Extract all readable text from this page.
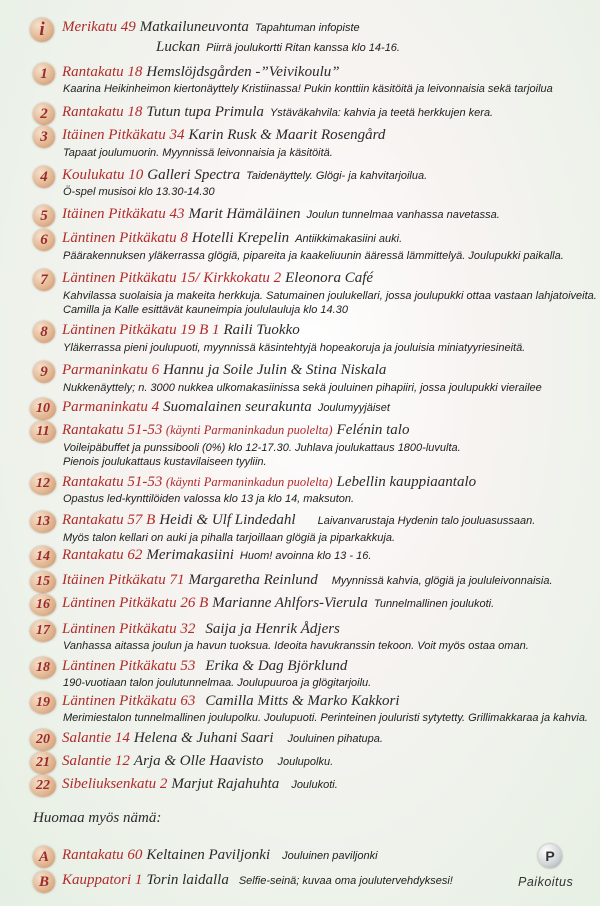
i	Merikatu 49 Matkailuneuvonta Tapahtuman infopiste
Luckan Piirrä joulukortti Ritan kanssa klo 14-16.
1 Rantakatu 18 Hemslöjdsgården -”Veivikoulu”
Kaarina Heikinheimon kiertonäyttely Kristiinassa! Pukin konttiin käsitöitä ja leivonnaisia sekä tarjoilua
2 Rantakatu 18 Tutun tupa Primula Ystäväkahvila: kahvia ja teetä herkkujen kera.
3 Itäinen Pitkäkatu 34 Karin Rusk & Maarit Rosengård
Tapaat joulumuorin. Myynnissä leivonnaisia ja käsitöitä.
4 Koulukatu 10 Galleri Spectra Taidenäyttely. Glögi- ja kahvitarjoilua.
Ö-spel musisoi klo 13.30-14.30
5 Itäinen Pitkäkatu 43 Marit Hämäläinen Joulun tunnelmaa vanhassa navetassa.
6 Läntinen Pitkäkatu 8 Hotelli Krepelin Antiikkimakasiini auki.
Päärakennuksen yläkerrassa glögiä, pipareita ja kaakeliuunin ääressä lämmittelyä. Joulupukki paikalla.
7 Läntinen Pitkäkatu 15/ Kirkkokatu 2 Eleonora Café
Kahvilassa suolaisia ja makeita herkkuja. Satumainen joulukellari, jossa joulupukki ottaa vastaan lahjatoiveita.
Camilla ja Kalle esittävät kauneimpia joululauluja klo 14.30
8 Läntinen Pitkäkatu 19 B 1 Raili Tuokko
Yläkerrassa pieni joulupuoti, myynnissä käsintehtyjä hopeakoruja ja jouluisia miniatyyriesineitä.
9 Parmaninkatu 6 Hannu ja Soile Julin & Stina Niskala
Nukkenäyttely; n. 3000 nukkea ulkomakasiinissa sekä jouluinen pihapiiri, jossa joulupukki vierailee
10 Parmaninkatu 4 Suomalainen seurakunta Joulumyyjäiset
11 Rantakatu 51-53 (käynti Parmaninkadun puolelta) Felénin talo
Voileipäbuffet ja punssibooli (0%) klo 12-17.30. Juhlava joulukattaus 1800-luvulta.
Pienois joulukattaus kustavilaiseen tyyliin.
12 Rantakatu 51-53 (käynti Parmaninkadun puolelta) Lebellin kauppiaantalo
Opastus led-kynttilöiden valossa klo 13 ja klo 14, maksuton.
13 Rantakatu 57 B Heidi & Ulf Lindedahl Laivanvarustaja Hydenin talo jouluasussaan.
Myös talon kellari on auki ja pihalla tarjoillaan glögiä ja piparkakkuja.
14 Rantakatu 62 Merimakasiini Huom! avoinna klo 13 - 16.
15 Itäinen Pitkäkatu 71 Margaretha Reinlund Myynnissä kahvia, glögiä ja joululeivonnaisia.
16 Läntinen Pitkäkatu 26 B Marianne Ahlfors-Vierula Tunnelmallinen joulukoti.
17 Läntinen Pitkäkatu 32 Saija ja Henrik Ådjers
Vanhassa aitassa joulun ja havun tuoksua. Ideoita havukranssin tekoon. Voit myös ostaa oman.
18 Läntinen Pitkäkatu 53 Erika & Dag Björklund
190-vuotiaan talon joulutunnelmaa. Joulupuuroa ja glögitarjoilu.
19 Läntinen Pitkäkatu 63 Camilla Mitts & Marko Kakkori
Merimiestalon tunnelmallinen joulupolku. Joulupuoti. Perinteinen jouluristi sytytetty. Grillimakkaraa ja kahvia.
20 Salantie 14 Helena & Juhani Saari Jouluinen pihatupa.
21 Salantie 12 Arja & Olle Haavisto Joulupolku.
22 Sibeliuksenkatu 2 Marjut Rajahuhta Joulukoti.
Huomaa myös nämä:
A Rantakatu 60 Keltainen Paviljonki Jouluinen paviljonki
B Kauppatori 1 Torin laidalla Selfie-seinä; kuvaa oma joulutervehdyksesi!
P
Paikoitus
